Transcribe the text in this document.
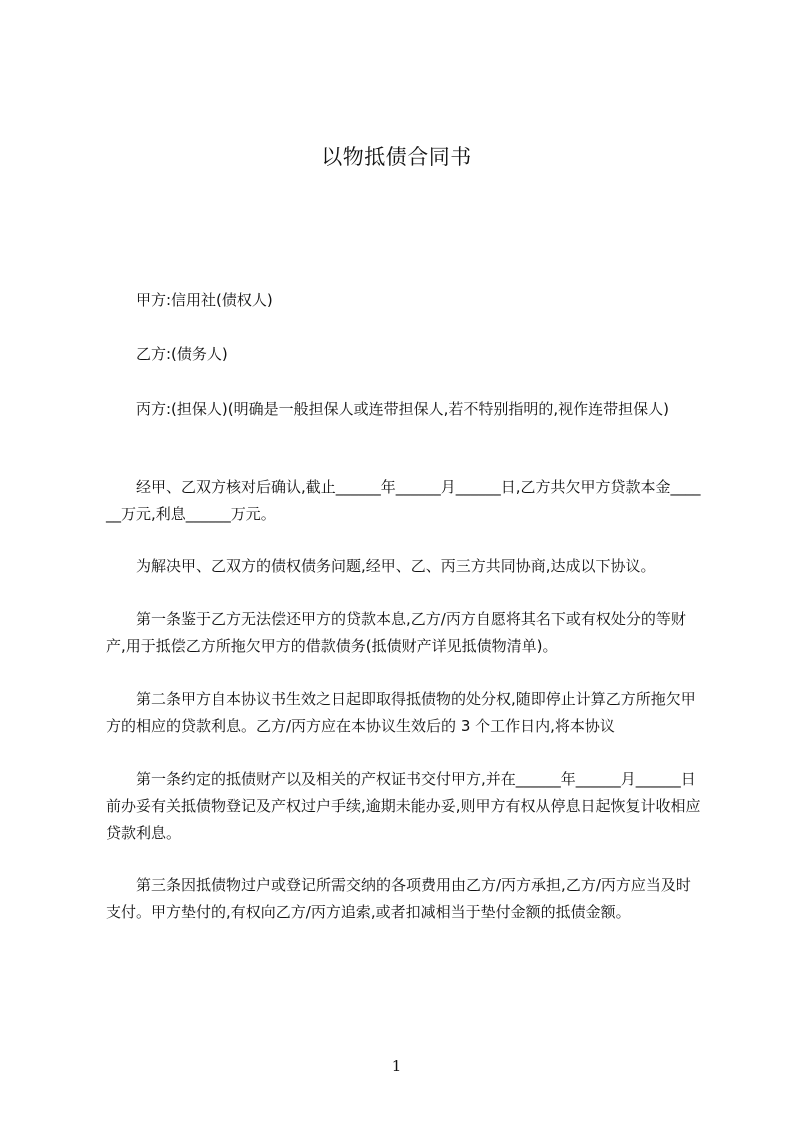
以物抵债合同书
甲方:信用社(债权人)
乙方:(债务人)
丙方:(担保人)(明确是一般担保人或连带担保人,若不特别指明的,视作连带担保人)
经甲、乙双方核对后确认,截止______年______月______日,乙方共欠甲方贷款本金______万元,利息______万元。
为解决甲、乙双方的债权债务问题,经甲、乙、丙三方共同协商,达成以下协议。
第一条鉴于乙方无法偿还甲方的贷款本息,乙方/丙方自愿将其名下或有权处分的等财产,用于抵偿乙方所拖欠甲方的借款债务(抵债财产详见抵债物清单)。
第二条甲方自本协议书生效之日起即取得抵债物的处分权,随即停止计算乙方所拖欠甲方的相应的贷款利息。乙方/丙方应在本协议生效后的 3 个工作日内,将本协议
第一条约定的抵债财产以及相关的产权证书交付甲方,并在______年______月______日前办妥有关抵债物登记及产权过户手续,逾期未能办妥,则甲方有权从停息日起恢复计收相应贷款利息。
第三条因抵债物过户或登记所需交纳的各项费用由乙方/丙方承担,乙方/丙方应当及时支付。甲方垫付的,有权向乙方/丙方追索,或者扣减相当于垫付金额的抵债金额。
1
